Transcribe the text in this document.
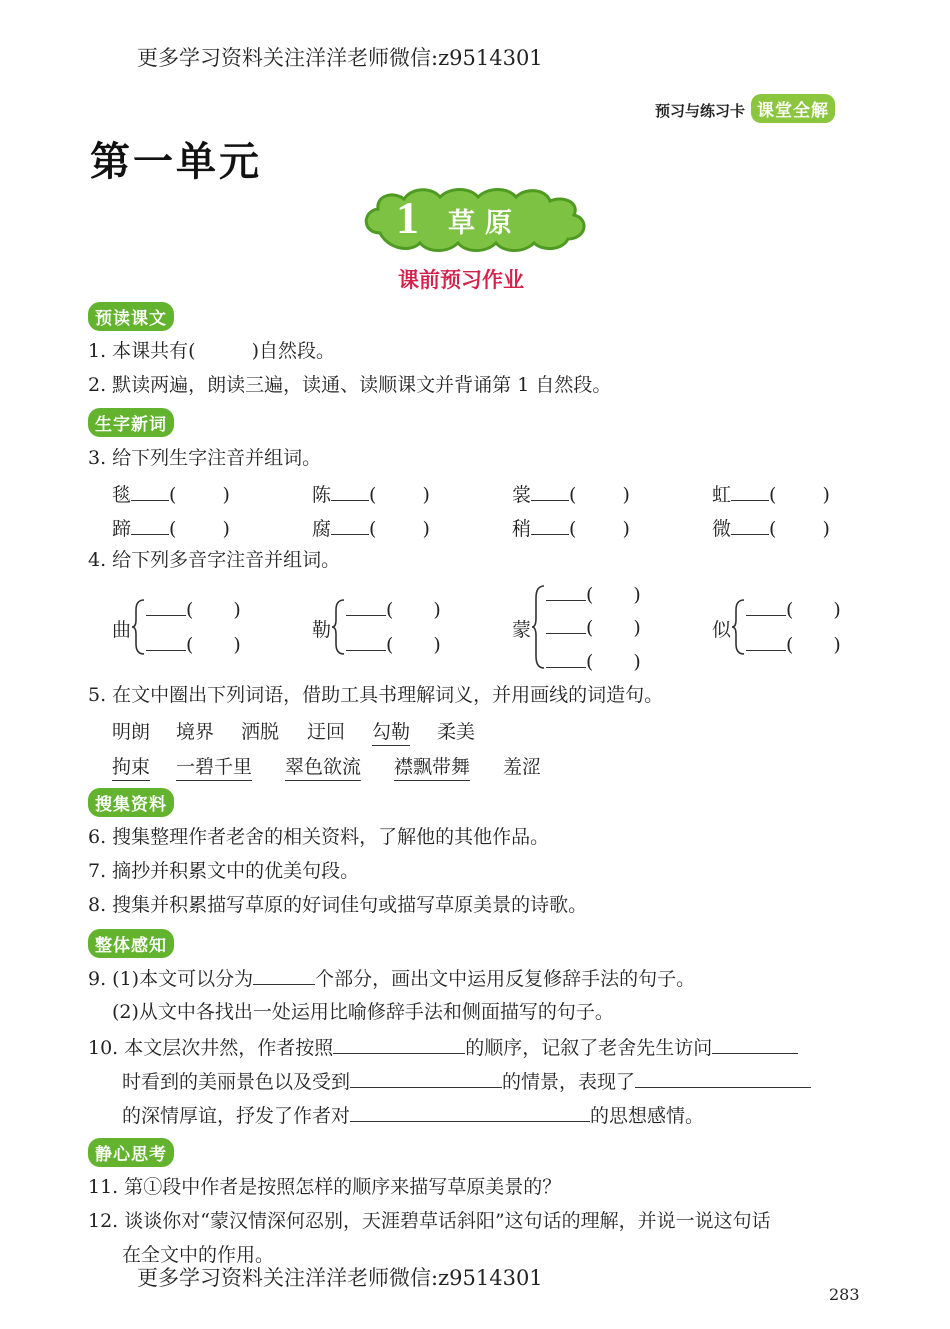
更多学习资料关注洋洋老师微信:z9514301
预习与练习卡 课堂全解
第一单元
1 草原
课前预习作业
预读课文
1. 本课共有(	)自然段。
2. 默读两遍，朗读三遍，读通、读顺课文并背诵第 1 自然段。
生字新词
3. 给下列生字注音并组词。
毯 ( )	陈 ( )	裳 ( )	虹 ( )
蹄 ( )	腐 ( )	稍 ( )	微 ( )
4. 给下列多音字注音并组词。
曲
( )
( )
勒
( )
( )
蒙
( )
( )
( )
似
( )
( )
5. 在文中圈出下列词语，借助工具书理解词义，并用画线的词造句。
明朗 境界 洒脱 迂回 勾勒 柔美
拘束 一碧千里 翠色欲流 襟飘带舞 羞涩
搜集资料
6. 搜集整理作者老舍的相关资料，了解他的其他作品。
7. 摘抄并积累文中的优美句段。
8. 搜集并积累描写草原的好词佳句或描写草原美景的诗歌。
整体感知
9. (1)本文可以分为	个部分，画出文中运用反复修辞手法的句子。
(2)从文中各找出一处运用比喻修辞手法和侧面描写的句子。
10. 本文层次井然，作者按照	的顺序，记叙了老舍先生访问
时看到的美丽景色以及受到	的情景，表现了
的深情厚谊，抒发了作者对	的思想感情。
静心思考
11. 第①段中作者是按照怎样的顺序来描写草原美景的？
12. 谈谈你对“蒙汉情深何忍别，天涯碧草话斜阳”这句话的理解，并说一说这句话
在全文中的作用。
更多学习资料关注洋洋老师微信:z9514301
283
